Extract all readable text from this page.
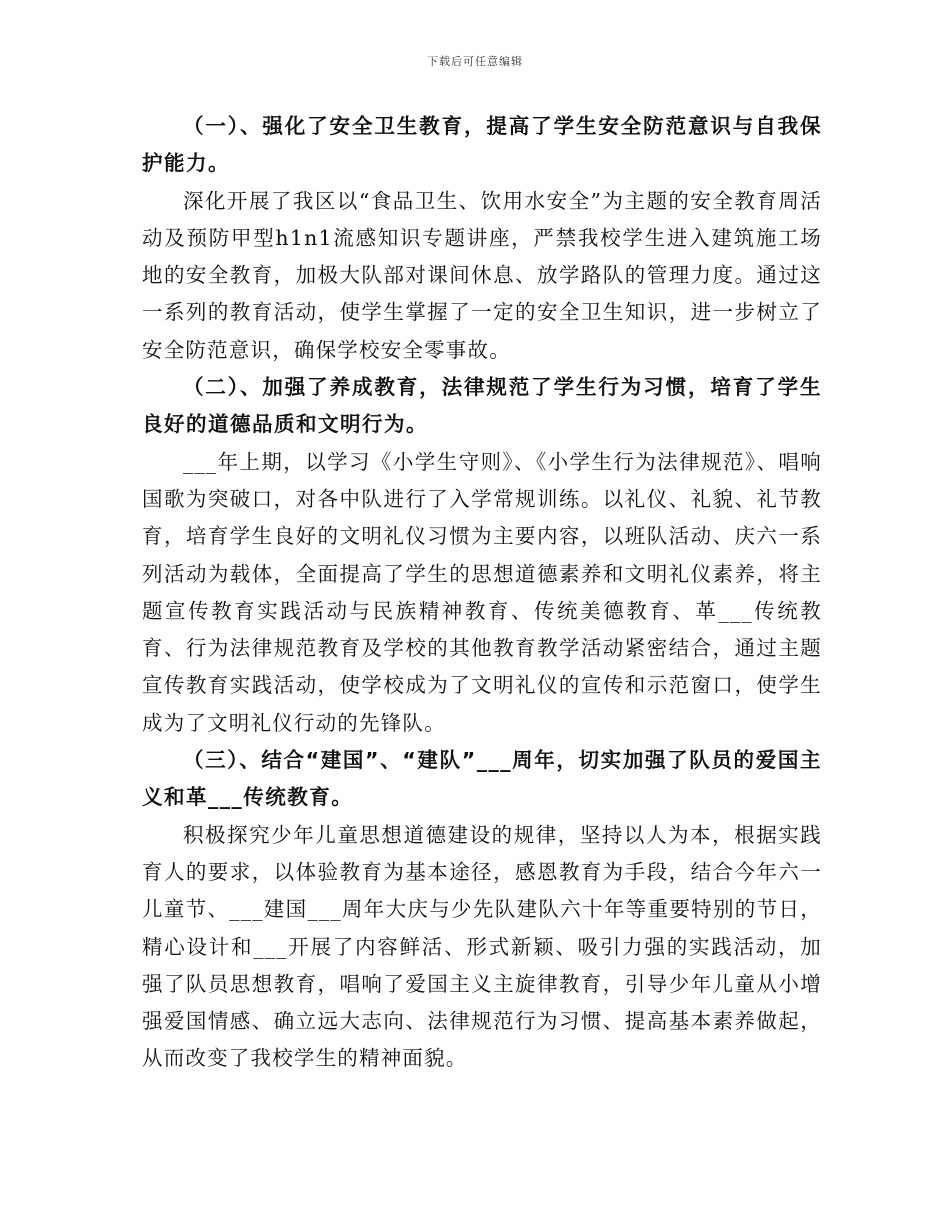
下载后可任意编辑

（一）、强化了安全卫生教育，提高了学生安全防范意识与自我保护能力。

深化开展了我区以“食品卫生、饮用水安全”为主题的安全教育周活动及预防甲型h1n1流感知识专题讲座，严禁我校学生进入建筑施工场地的安全教育，加极大队部对课间休息、放学路队的管理力度。通过这一系列的教育活动，使学生掌握了一定的安全卫生知识，进一步树立了安全防范意识，确保学校安全零事故。

（二）、加强了养成教育，法律规范了学生行为习惯，培育了学生良好的道德品质和文明行为。

___年上期，以学习《小学生守则》、《小学生行为法律规范》、唱响国歌为突破口，对各中队进行了入学常规训练。以礼仪、礼貌、礼节教育，培育学生良好的文明礼仪习惯为主要内容，以班队活动、庆六一系列活动为载体，全面提高了学生的思想道德素养和文明礼仪素养，将主题宣传教育实践活动与民族精神教育、传统美德教育、革___传统教育、行为法律规范教育及学校的其他教育教学活动紧密结合，通过主题宣传教育实践活动，使学校成为了文明礼仪的宣传和示范窗口，使学生成为了文明礼仪行动的先锋队。

（三）、结合“建国”、“建队”___周年，切实加强了队员的爱国主义和革___传统教育。

积极探究少年儿童思想道德建设的规律，坚持以人为本，根据实践育人的要求，以体验教育为基本途径，感恩教育为手段，结合今年六一儿童节、___建国___周年大庆与少先队建队六十年等重要特别的节日，精心设计和___开展了内容鲜活、形式新颖、吸引力强的实践活动，加强了队员思想教育，唱响了爱国主义主旋律教育，引导少年儿童从小增强爱国情感、确立远大志向、法律规范行为习惯、提高基本素养做起，从而改变了我校学生的精神面貌。
